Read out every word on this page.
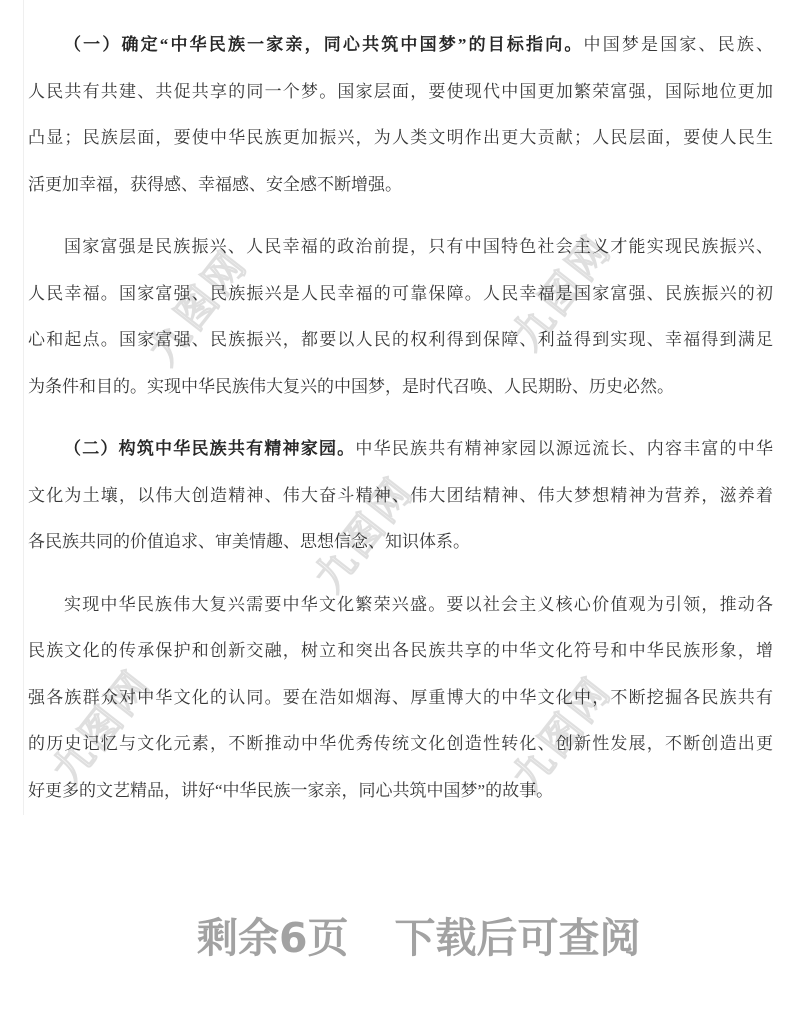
九图网	九图网
九图网
九图网	九图网
（一）确定“中华民族一家亲，同心共筑中国梦”的目标指向。中国梦是国家、民族、
人民共有共建、共促共享的同一个梦。国家层面，要使现代中国更加繁荣富强，国际地位更加
凸显；民族层面，要使中华民族更加振兴，为人类文明作出更大贡献；人民层面，要使人民生
活更加幸福，获得感、幸福感、安全感不断增强。
国家富强是民族振兴、人民幸福的政治前提，只有中国特色社会主义才能实现民族振兴、
人民幸福。国家富强、民族振兴是人民幸福的可靠保障。人民幸福是国家富强、民族振兴的初
心和起点。国家富强、民族振兴，都要以人民的权利得到保障、利益得到实现、幸福得到满足
为条件和目的。实现中华民族伟大复兴的中国梦，是时代召唤、人民期盼、历史必然。
（二）构筑中华民族共有精神家园。中华民族共有精神家园以源远流长、内容丰富的中华
文化为土壤，以伟大创造精神、伟大奋斗精神、伟大团结精神、伟大梦想精神为营养，滋养着
各民族共同的价值追求、审美情趣、思想信念、知识体系。
实现中华民族伟大复兴需要中华文化繁荣兴盛。要以社会主义核心价值观为引领，推动各
民族文化的传承保护和创新交融，树立和突出各民族共享的中华文化符号和中华民族形象，增
强各族群众对中华文化的认同。要在浩如烟海、厚重博大的中华文化中，不断挖掘各民族共有
的历史记忆与文化元素，不断推动中华优秀传统文化创造性转化、创新性发展，不断创造出更
好更多的文艺精品，讲好“中华民族一家亲，同心共筑中国梦”的故事。
剩余6页 下载后可查阅
